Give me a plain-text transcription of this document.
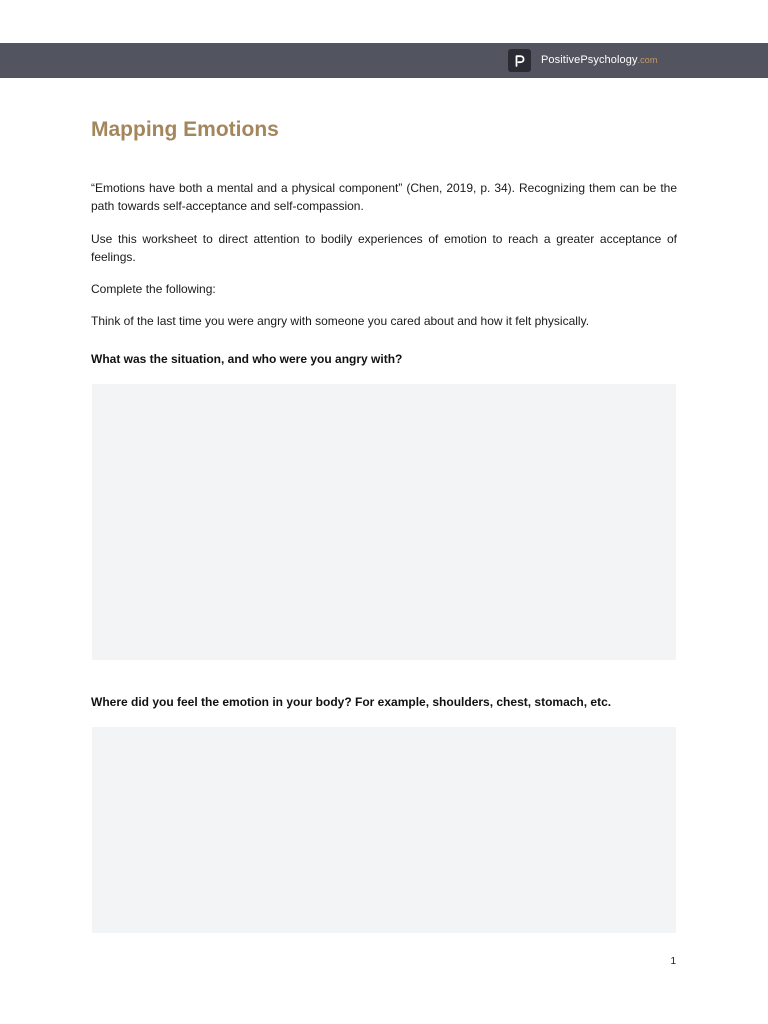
PositivePsychology.com
Mapping Emotions

“Emotions have both a mental and a physical component” (Chen, 2019, p. 34). Recognizing them can be the path towards self-acceptance and self-compassion.

Use this worksheet to direct attention to bodily experiences of emotion to reach a greater acceptance of feelings.

Complete the following:

Think of the last time you were angry with someone you cared about and how it felt physically.

What was the situation, and who were you angry with?

Where did you feel the emotion in your body? For example, shoulders, chest, stomach, etc.

1
